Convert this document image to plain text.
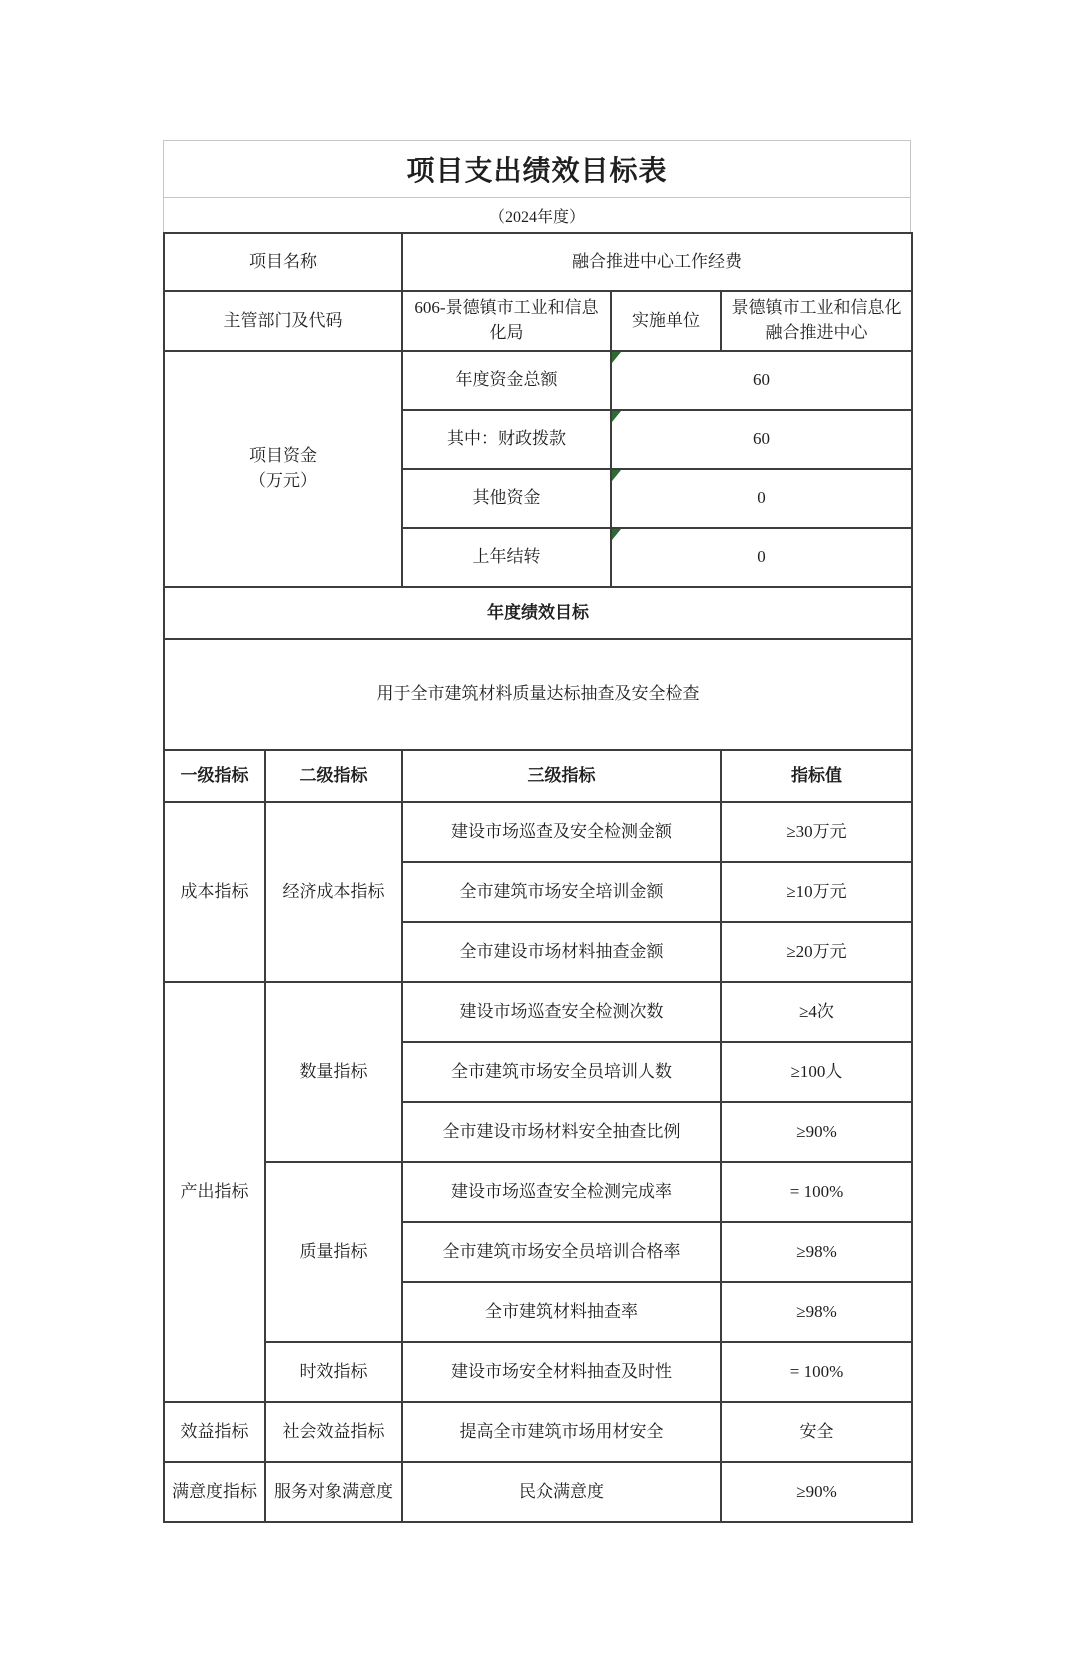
项目支出绩效目标表
（2024年度）
项目名称		融合推进中心工作经费		
主管部门及代码		606-景德镇市工业和信息化局	实施单位	景德镇市工业和信息化融合推进中心

项目资金
（万元）		年度资金总额	60	
		其中：财政拨款	60	
		其他资金	0	
		上年结转	0	
年度绩效目标				
用于全市建筑材料质量达标抽查及安全检查				
一级指标	二级指标	三级指标		指标值
成本指标	经济成本指标	建设市场巡查及安全检测金额		≥30万元
		全市建筑市场安全培训金额		≥10万元
		全市建设市场材料抽查金额		≥20万元
产出指标	数量指标	建设市场巡查安全检测次数		≥4次
		全市建筑市场安全员培训人数		≥100人
		全市建设市场材料安全抽查比例		≥90%
	质量指标	建设市场巡查安全检测完成率		= 100%
		全市建筑市场安全员培训合格率		≥98%
		全市建筑材料抽查率		≥98%
	时效指标	建设市场安全材料抽查及时性		= 100%
效益指标	社会效益指标	提高全市建筑市场用材安全		安全
满意度指标	服务对象满意度	民众满意度		≥90%
